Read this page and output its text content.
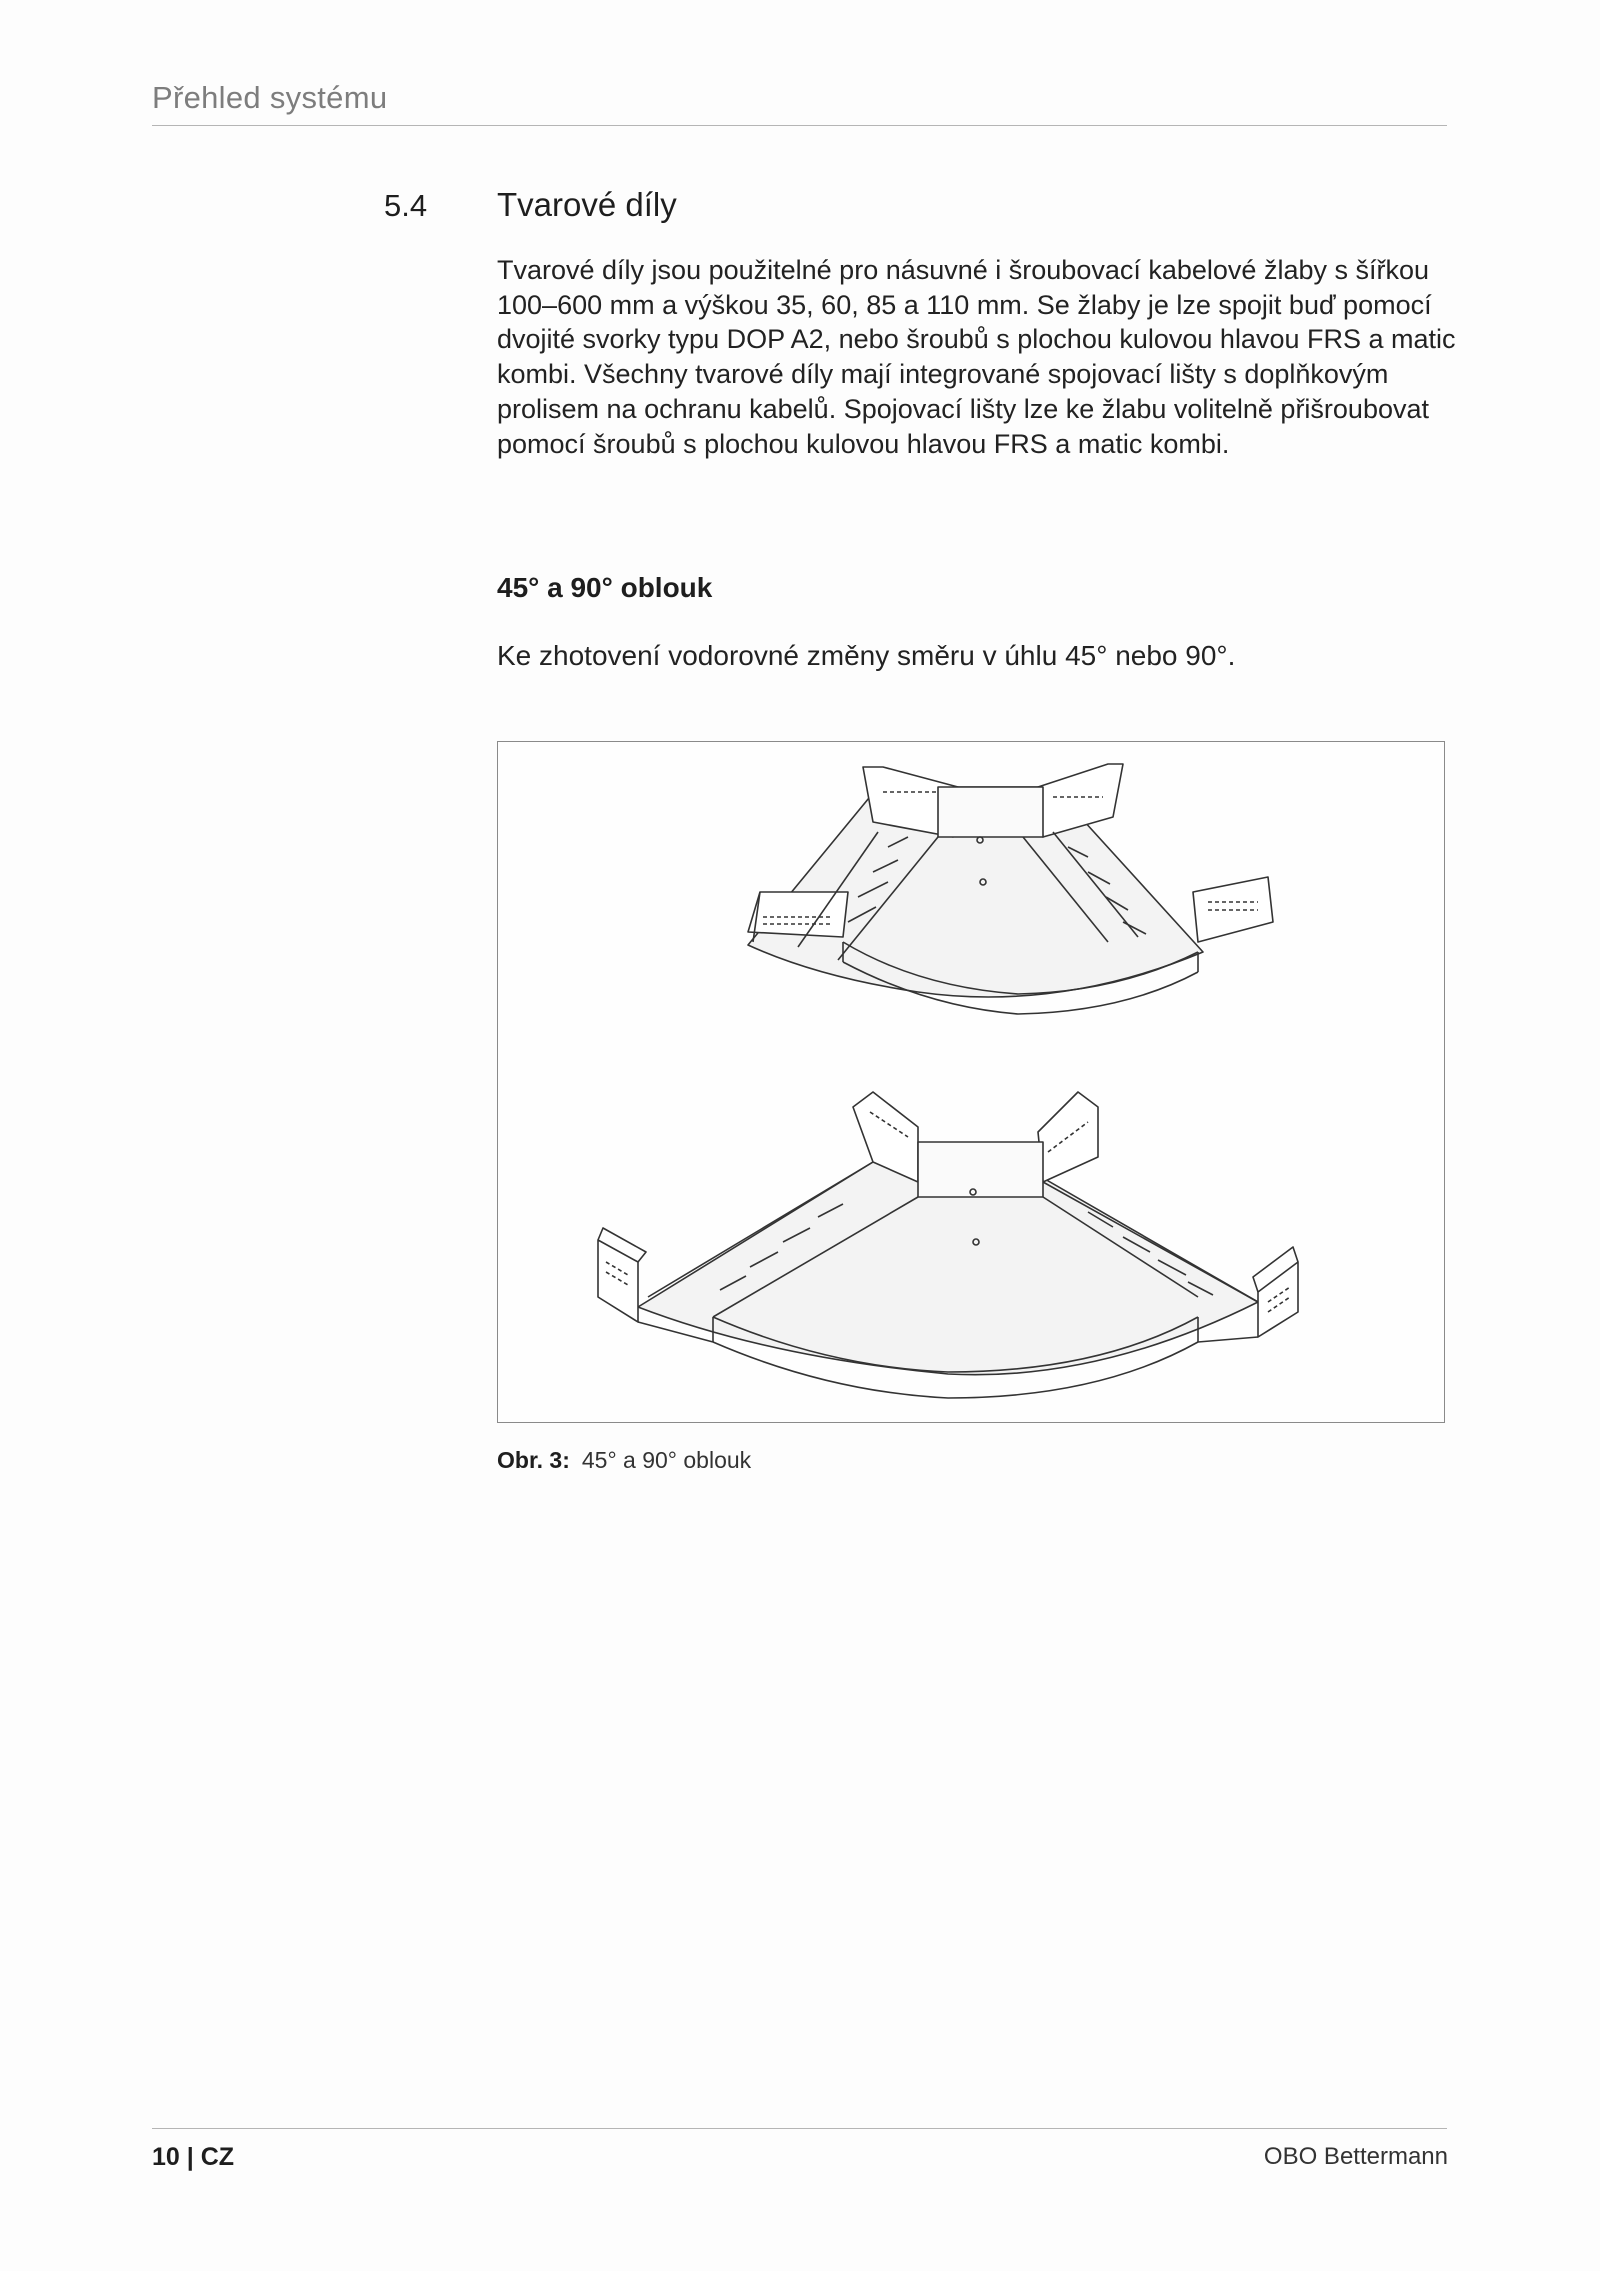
Přehled systému
5.4 Tvarové díly
Tvarové díly jsou použitelné pro násuvné i šroubovací kabelové žlaby s šířkou 100–600 mm a výškou 35, 60, 85 a 110 mm. Se žlaby je lze spojit buď pomocí dvojité svorky typu DOP A2, nebo šroubů s plochou kulovou hlavou FRS a matic kombi. Všechny tvarové díly mají integrované spojovací lišty s doplňkovým prolisem na ochranu kabelů. Spojovací lišty lze ke žlabu volitelně přišroubovat pomocí šroubů s plochou kulovou hlavou FRS a matic kombi.
45° a 90° oblouk
Ke zhotovení vodorovné změny směru v úhlu 45° nebo 90°.
Obr. 3: 45° a 90° oblouk
10 | CZ	OBO Bettermann
